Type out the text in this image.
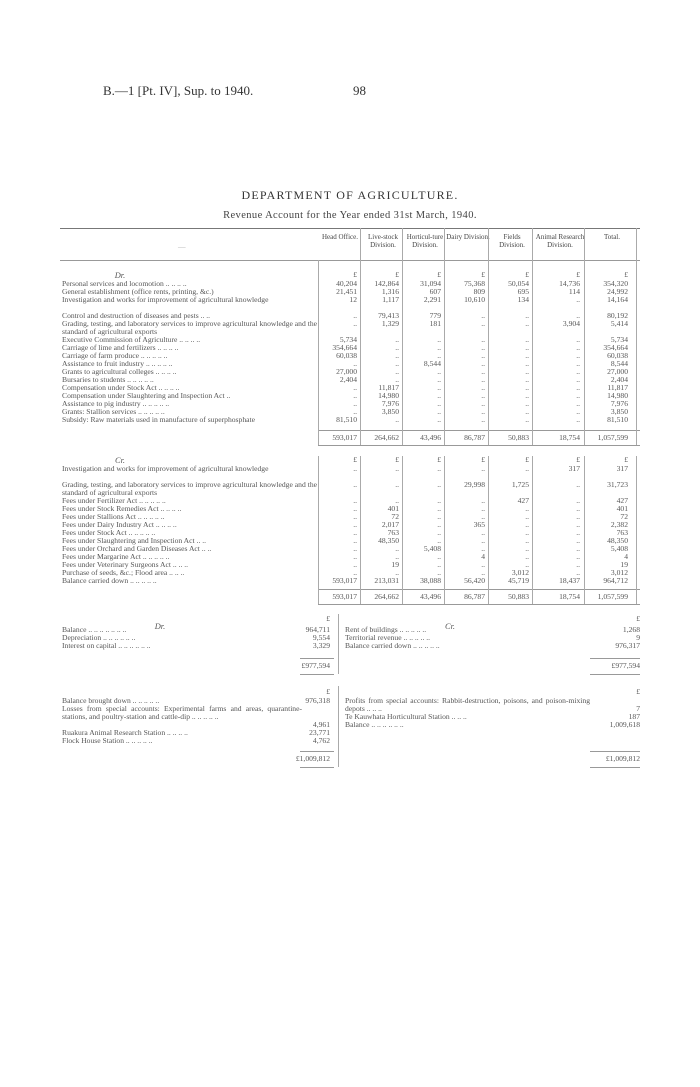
B.—1 [Pt. IV], Sup. to 1940.	98
DEPARTMENT OF AGRICULTURE.
Revenue Account for the Year ended 31st March, 1940.
—
Head Office.	Live-stock Division.
Horticul-ture Division.
Dairy Division.	Fields Division.
Animal Research Division.
Total.
Dr.	£	£	£	£	£	£	£
Personal services and locomotion .. .. .. ..	40,204	142,864	31,094	75,368	50,054	14,736	354,320
General establishment (office rents, printing, &c.)	21,451	1,316	607	809	695	114	24,992
Investigation and works for improvement of agricultural knowledge	12	1,117	2,291	10,610	134	..	14,164
Control and destruction of diseases and pests .. ..	..	79,413	779	..	..	..	80,192
Grading, testing, and laboratory services to improve agricultural knowledge and the standard of agricultural exports
..	1,329	181	..	..	3,904	5,414
Executive Commission of Agriculture .. .. .. ..	5,734	..	..	..	..	..	5,734
Carriage of lime and fertilizers .. .. .. ..	354,664	..	..	..	..	..	354,664
Carriage of farm produce .. .. .. .. ..	60,038	..	..	..	..	..	60,038
Assistance to fruit industry .. .. .. .. ..	..	..	8,544	..	..	..	8,544
Grants to agricultural colleges .. .. .. ..	27,000	..	..	..	..	..	27,000
Bursaries to students .. .. .. .. ..	2,404	..	..	..	..	..	2,404
Compensation under Stock Act .. .. .. ..	..	11,817	..	..	..	..	11,817
Compensation under Slaughtering and Inspection Act ..	..	14,980	..	..	..	..	14,980
Assistance to pig industry .. .. .. .. ..	..	7,976	..	..	..	..	7,976
Grants: Stallion services .. .. .. .. ..	..	3,850	..	..	..	..	3,850
Subsidy: Raw materials used in manufacture of superphosphate	81,510	..	..	..	..	..	81,510
593,017	264,662	43,496	86,787	50,883	18,754	1,057,599
Cr.	£	£	£	£	£	£	£
Investigation and works for improvement of agricultural knowledge	..	..	..	..	..	317	317
Grading, testing, and laboratory services to improve agricultural knowledge and the standard of agricultural exports
..	..	..	29,998	1,725	..	31,723
Fees under Fertilizer Act .. .. .. .. ..	..	..	..	..	427	..	427
Fees under Stock Remedies Act .. .. .. ..	..	401	..	..	..	..	401
Fees under Stallions Act .. .. .. .. ..	..	72	..	..	..	..	72
Fees under Dairy Industry Act .. .. .. ..	..	2,017	..	365	..	..	2,382
Fees under Stock Act .. .. .. .. ..	..	763	..	..	..	..	763
Fees under Slaughtering and Inspection Act .. ..	..	48,350	..	..	..	..	48,350
Fees under Orchard and Garden Diseases Act .. ..	..	..	5,408	..	..	..	5,408
Fees under Margarine Act .. .. .. .. ..	..	..	..	4	..	..	4
Fees under Veterinary Surgeons Act .. .. ..	..	19	..	..	..	..	19
Purchase of seeds, &c.; Flood area .. .. ..	..	..	..	..	3,012	..	3,012
Balance carried down .. .. .. .. ..	593,017	213,031	38,088	56,420	45,719	18,437	964,712
593,017	264,662	43,496	86,787	50,883	18,754	1,057,599
Dr.	Cr.
£	£
Balance .. .. .. .. .. .. ..	964,711
Depreciation .. .. .. .. .. ..	9,554
Interest on capital .. .. .. .. .. ..	3,329
Rent of buildings .. .. .. .. ..	1,268
Territorial revenue .. .. .. .. ..	9
Balance carried down .. .. .. .. ..	976,317
£977,594	£977,594
£	£
Balance brought down .. .. .. .. ..	976,318
Losses from special accounts: Experimental farms and areas, quarantine-stations, and poultry-station and cattle-dip .. .. .. .. ..
4,961
Ruakura Animal Research Station .. .. .. ..	23,771
Flock House Station .. .. .. .. ..	4,762
Profits from special accounts: Rabbit-destruction, poisons, and poison-mixing depots .. .. ..	7
Te Kauwhata Horticultural Station .. .. ..	187
Balance .. .. .. .. .. ..	1,009,618
£1,009,812	£1,009,812
